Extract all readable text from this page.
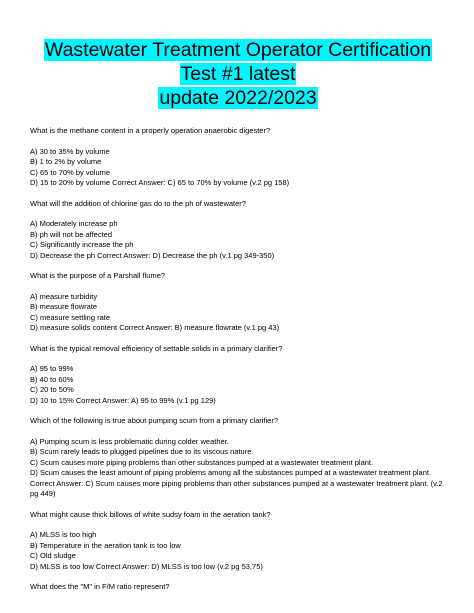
Wastewater Treatment Operator Certification Test #1 latest
update 2022/2023

What is the methane content in a properly operation anaerobic digester?

A) 30 to 35% by volume

B) 1 to 2% by volume

C) 65 to 70% by volume

D) 15 to 20% by volume Correct Answer: C) 65 to 70% by volume (v.2 pg 158)

What will the addition of chlorine gas do to the ph of wastewater?

A) Moderately increase ph

B) ph will not be affected

C) Significantly increase the ph

D) Decrease the ph Correct Answer: D) Decrease the ph (v.1 pg 349-350)

What is the purpose of a Parshall flume?

A) measure turbidity

B) measure flowrate

C) measure settling rate

D) measure solids content Correct Answer: B) measure flowrate (v.1 pg 43)

What is the typical removal efficiency of settable solids in a primary clarifier?

A) 95 to 99%

B) 40 to 60%

C) 20 to 50%

D) 10 to 15% Correct Answer: A) 95 to 99% (v.1 pg 129)

Which of the following is true about pumping scum from a primary clarifier?

A) Pumping scum is less problematic during colder weather.

B) Scum rarely leads to plugged pipelines due to its viscous nature.

C) Scum causes more piping problems than other substances pumped at a wastewater treatment plant.

D) Scum causes the least amount of piping problems among all the substances pumped at a wastewater treatment plant. Correct Answer: C) Scum causes more piping problems than other substances pumped at a wastewater treatment plant. (v.2 pg 449)

What might cause thick billows of white sudsy foam in the aeration tank?

A) MLSS is too high

B) Temperature in the aeration tank is too low

C) Old sludge

D) MLSS is too low Correct Answer: D) MLSS is too low (v.2 pg 53,75)

What does the "M" in F/M ratio represent?
